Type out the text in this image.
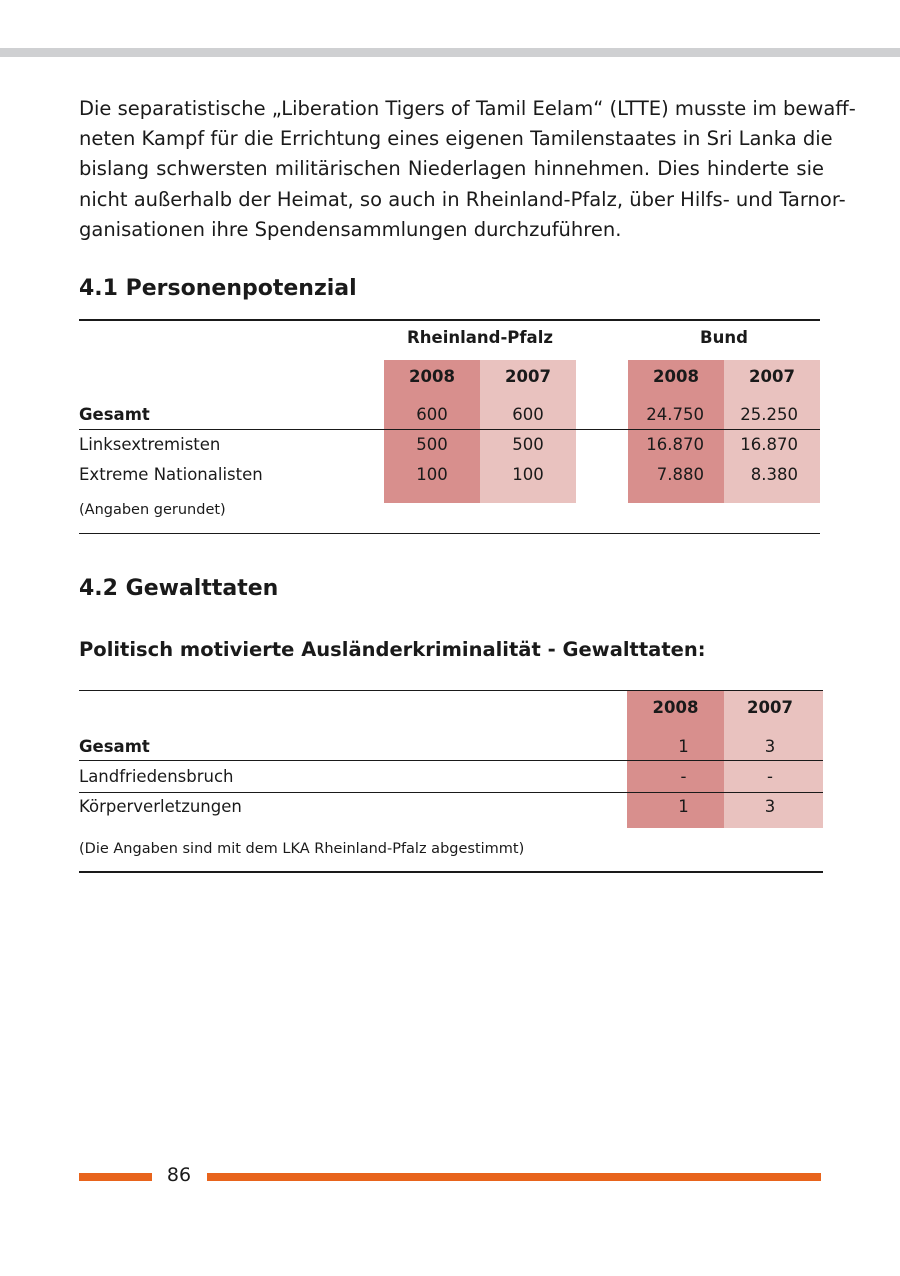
Die separatistische „Liberation Tigers of Tamil Eelam“ (LTTE) musste im bewaff-
neten Kampf für die Errichtung eines eigenen Tamilenstaates in Sri Lanka die
bislang schwersten militärischen Niederlagen hinnehmen. Dies hinderte sie
nicht außerhalb der Heimat, so auch in Rheinland-Pfalz, über Hilfs- und Tarnor-
ganisationen ihre Spendensammlungen durchzuführen.
4.1 Personenpotenzial
Rheinland-Pfalz	Bund
2008	2007	2008	2007
Gesamt	600	600	24.750	25.250
Linksextremisten	500	500	16.870	16.870
Extreme Nationalisten	100	100	7.880	8.380
(Angaben gerundet)
4.2 Gewalttaten
Politisch motivierte Ausländerkriminalität - Gewalttaten:
2008	2007
Gesamt	1	3
Landfriedensbruch	-	-
Körperverletzungen	1	3
(Die Angaben sind mit dem LKA Rheinland-Pfalz abgestimmt)
86
